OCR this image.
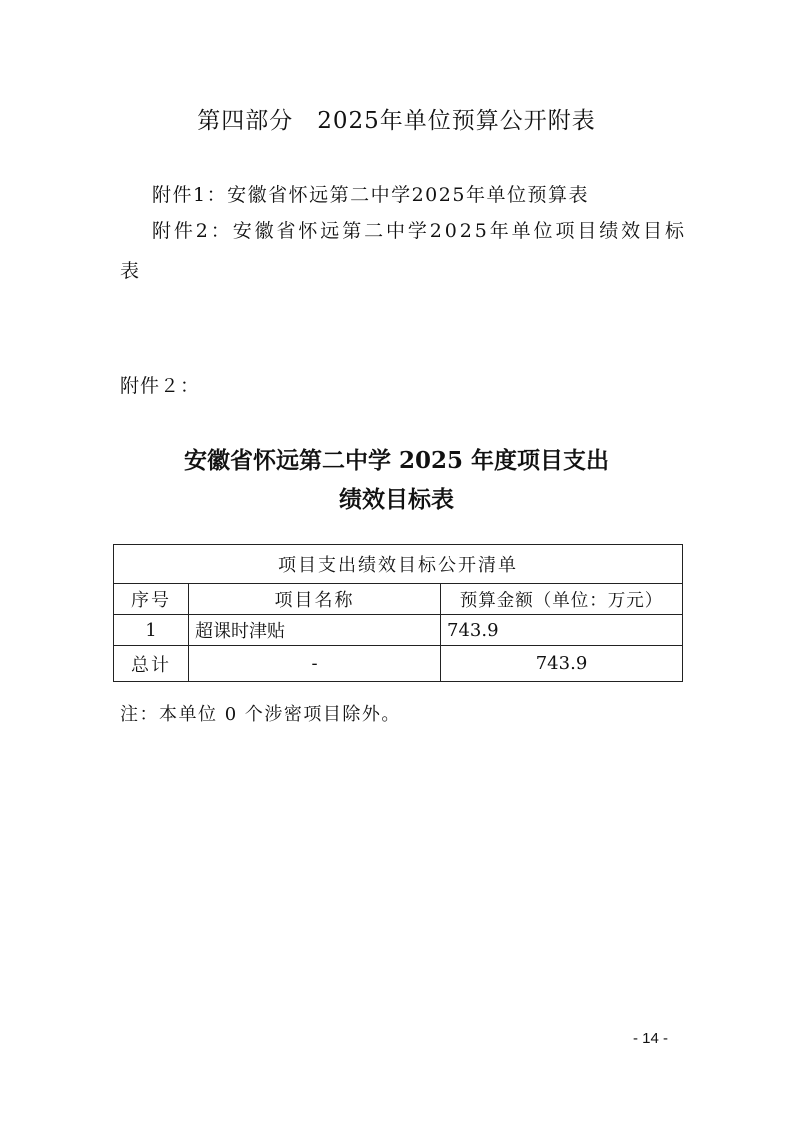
第四部分　2025年单位预算公开附表
附件1：安徽省怀远第二中学2025年单位预算表
附件2：安徽省怀远第二中学2025年单位项目绩效目标
表
附件２：
安徽省怀远第二中学 2025 年度项目支出
绩效目标表
项目支出绩效目标公开清单		
序号	项目名称	预算金额（单位：万元）
1	超课时津贴	743.9
总计	-	743.9
注：本单位 0 个涉密项目除外。
- 14 -
